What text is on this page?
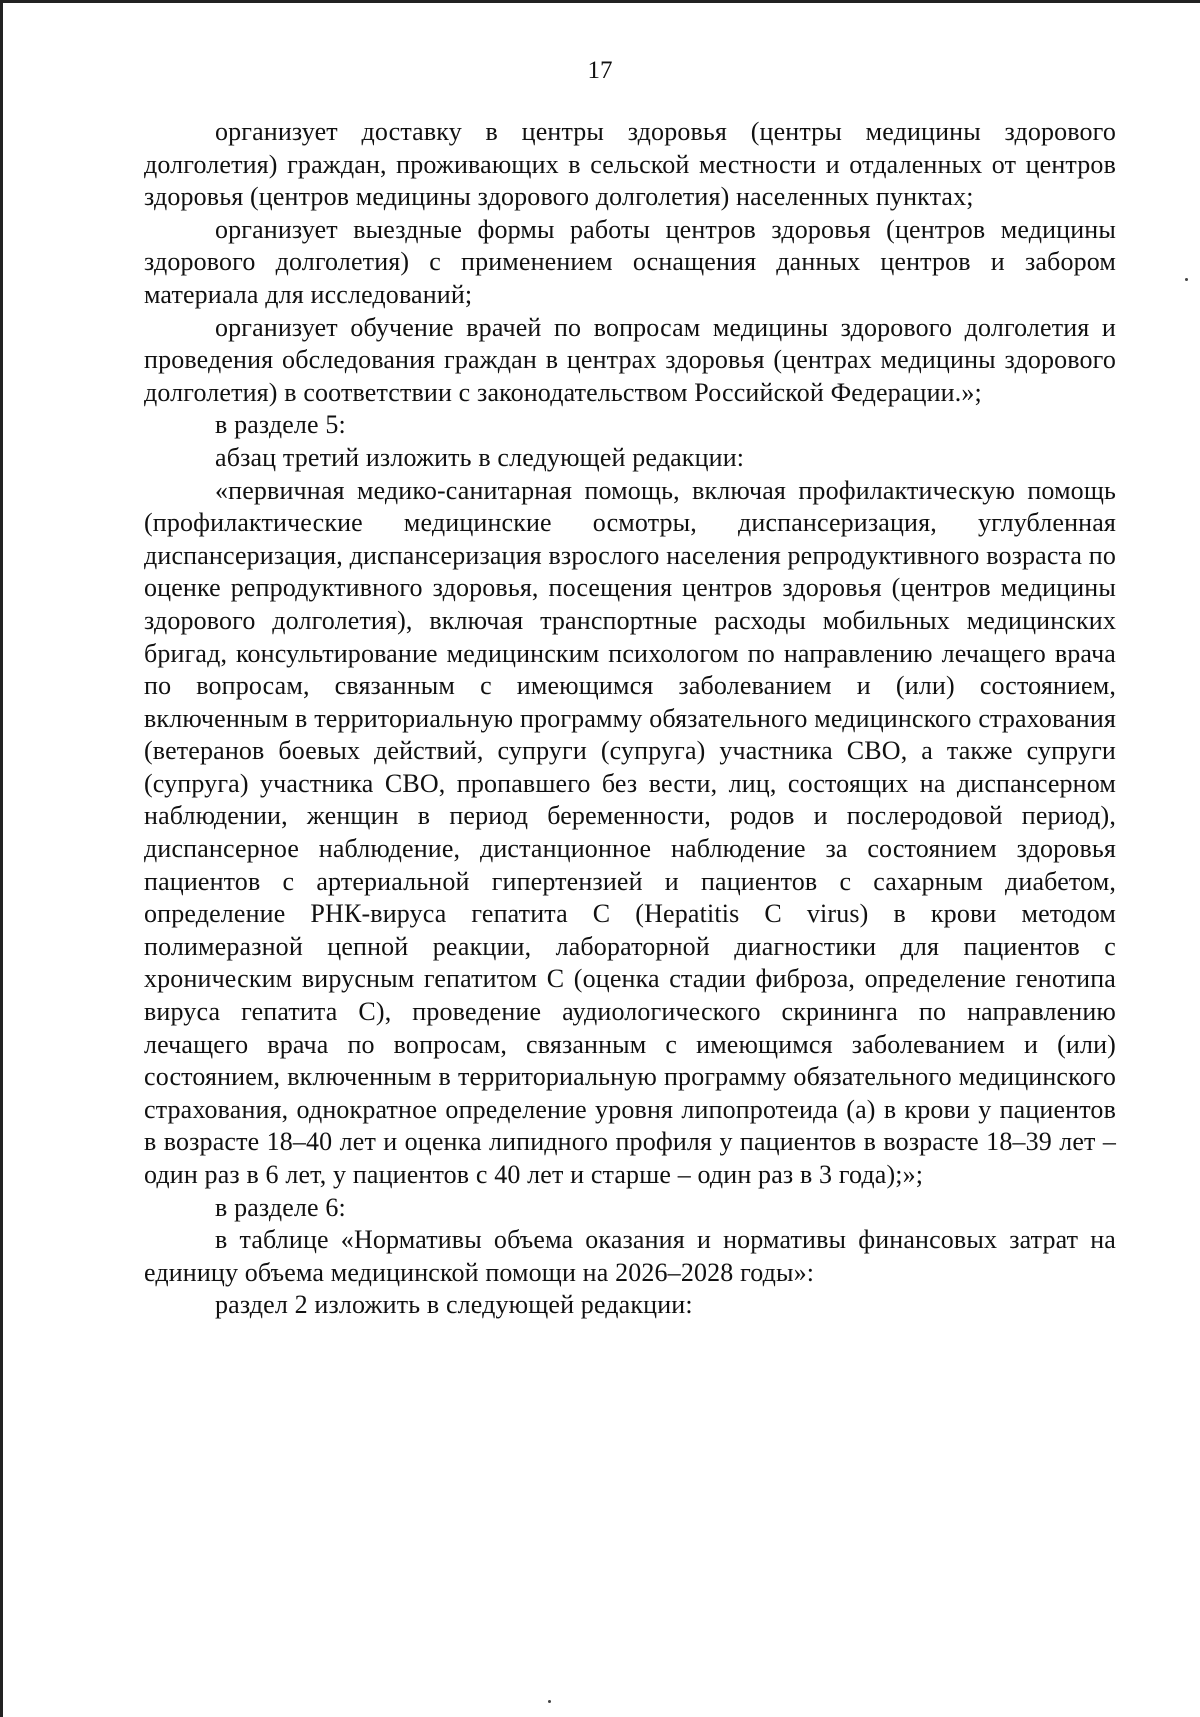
17

организует доставку в центры здоровья (центры медицины здорового долголетия) граждан, проживающих в сельской местности и отдаленных от центров здоровья (центров медицины здорового долголетия) населенных пунктах;

организует выездные формы работы центров здоровья (центров медицины здорового долголетия) с применением оснащения данных центров и забором материала для исследований;

организует обучение врачей по вопросам медицины здорового долголетия и проведения обследования граждан в центрах здоровья (центрах медицины здорового долголетия) в соответствии с законодательством Российской Федерации.»;

в разделе 5:

абзац третий изложить в следующей редакции:

«первичная медико-санитарная помощь, включая профилактическую помощь (профилактические медицинские осмотры, диспансеризация, углубленная диспансеризация, диспансеризация взрослого населения репродуктивного возраста по оценке репродуктивного здоровья, посещения центров здоровья (центров медицины здорового долголетия), включая транспортные расходы мобильных медицинских бригад, консультирование медицинским психологом по направлению лечащего врача по вопросам, связанным с имеющимся заболеванием и (или) состоянием, включенным в территориальную программу обязательного медицинского страхования (ветеранов боевых действий, супруги (супруга) участника СВО, а также супруги (супруга) участника СВО, пропавшего без вести, лиц, состоящих на диспансерном наблюдении, женщин в период беременности, родов и послеродовой период), диспансерное наблюдение, дистанционное наблюдение за состоянием здоровья пациентов с артериальной гипертензией и пациентов с сахарным диабетом, определение РНК-вируса гепатита С (Hepatitis C virus) в крови методом полимеразной цепной реакции, лабораторной диагностики для пациентов с хроническим вирусным гепатитом С (оценка стадии фиброза, определение генотипа вируса гепатита С), проведение аудиологического скрининга по направлению лечащего врача по вопросам, связанным с имеющимся заболеванием и (или) состоянием, включенным в территориальную программу обязательного медицинского страхования, однократное определение уровня липопротеида (а) в крови у пациентов в возрасте 18–40 лет и оценка липидного профиля у пациентов в возрасте 18–39 лет – один раз в 6 лет, у пациентов с 40 лет и старше – один раз в 3 года);»;

в разделе 6:

в таблице «Нормативы объема оказания и нормативы финансовых затрат на единицу объема медицинской помощи на 2026–2028 годы»:

раздел 2 изложить в следующей редакции:
